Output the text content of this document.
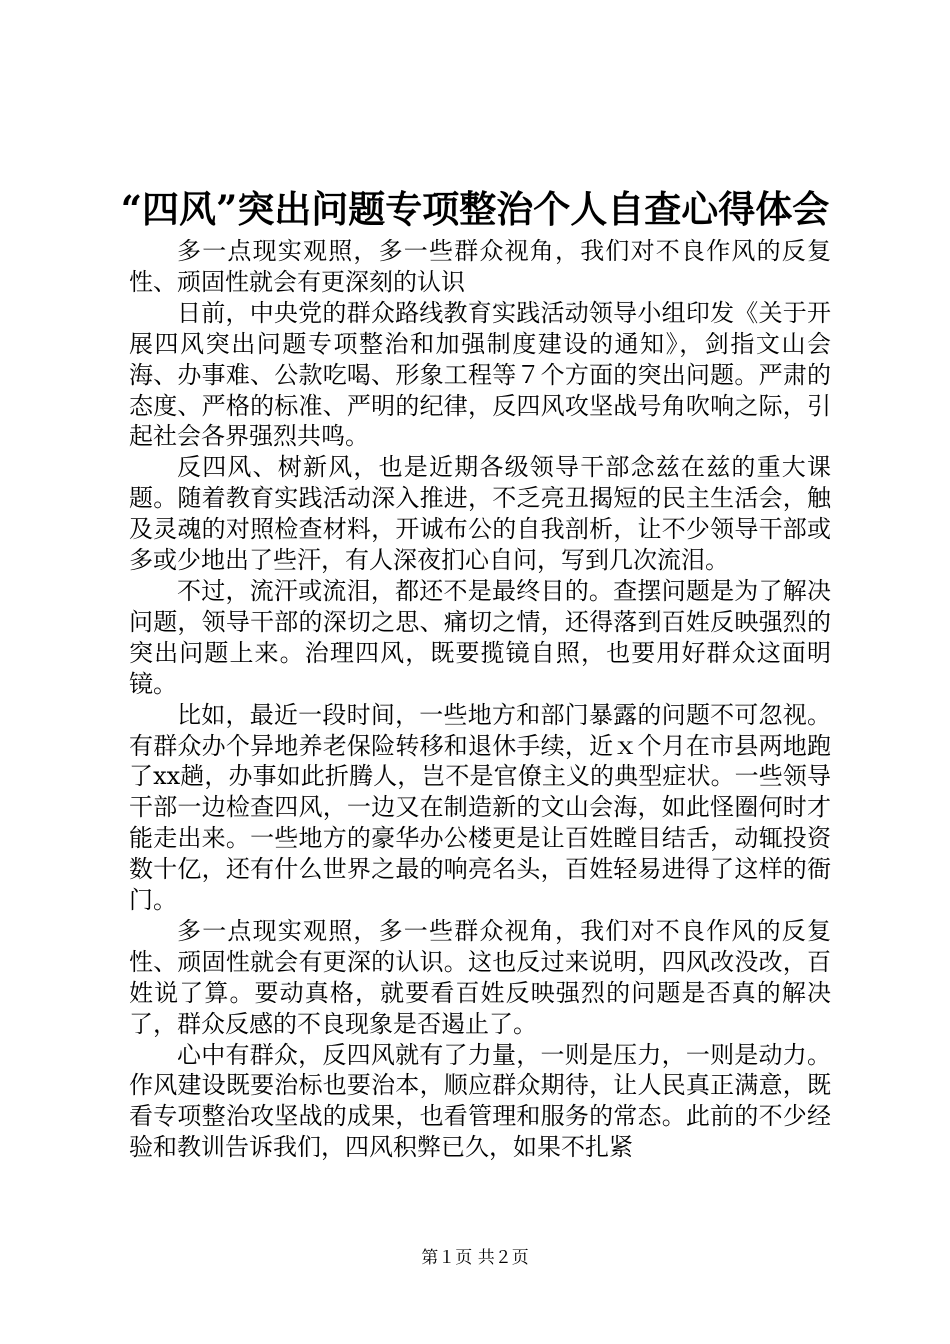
“四风”突出问题专项整治个人自查心得体会

多一点现实观照，多一些群众视角，我们对不良作风的反复性、顽固性就会有更深刻的认识

日前，中央党的群众路线教育实践活动领导小组印发《关于开展四风突出问题专项整治和加强制度建设的通知》，剑指文山会海、办事难、公款吃喝、形象工程等７个方面的突出问题。严肃的态度、严格的标准、严明的纪律，反四风攻坚战号角吹响之际，引起社会各界强烈共鸣。

反四风、树新风，也是近期各级领导干部念兹在兹的重大课题。随着教育实践活动深入推进，不乏亮丑揭短的民主生活会，触及灵魂的对照检查材料，开诚布公的自我剖析，让不少领导干部或多或少地出了些汗，有人深夜扪心自问，写到几次流泪。

不过，流汗或流泪，都还不是最终目的。查摆问题是为了解决问题，领导干部的深切之思、痛切之情，还得落到百姓反映强烈的突出问题上来。治理四风，既要揽镜自照，也要用好群众这面明镜。

比如，最近一段时间，一些地方和部门暴露的问题不可忽视。有群众办个异地养老保险转移和退休手续，近ｘ个月在市县两地跑了xx趟，办事如此折腾人，岂不是官僚主义的典型症状。一些领导干部一边检查四风，一边又在制造新的文山会海，如此怪圈何时才能走出来。一些地方的豪华办公楼更是让百姓瞠目结舌，动辄投资数十亿，还有什么世界之最的响亮名头，百姓轻易进得了这样的衙门。

多一点现实观照，多一些群众视角，我们对不良作风的反复性、顽固性就会有更深的认识。这也反过来说明，四风改没改，百姓说了算。要动真格，就要看百姓反映强烈的问题是否真的解决了，群众反感的不良现象是否遏止了。

心中有群众，反四风就有了力量，一则是压力，一则是动力。作风建设既要治标也要治本，顺应群众期待，让人民真正满意，既看专项整治攻坚战的成果，也看管理和服务的常态。此前的不少经验和教训告诉我们，四风积弊已久，如果不扎紧

第１页 共２页
